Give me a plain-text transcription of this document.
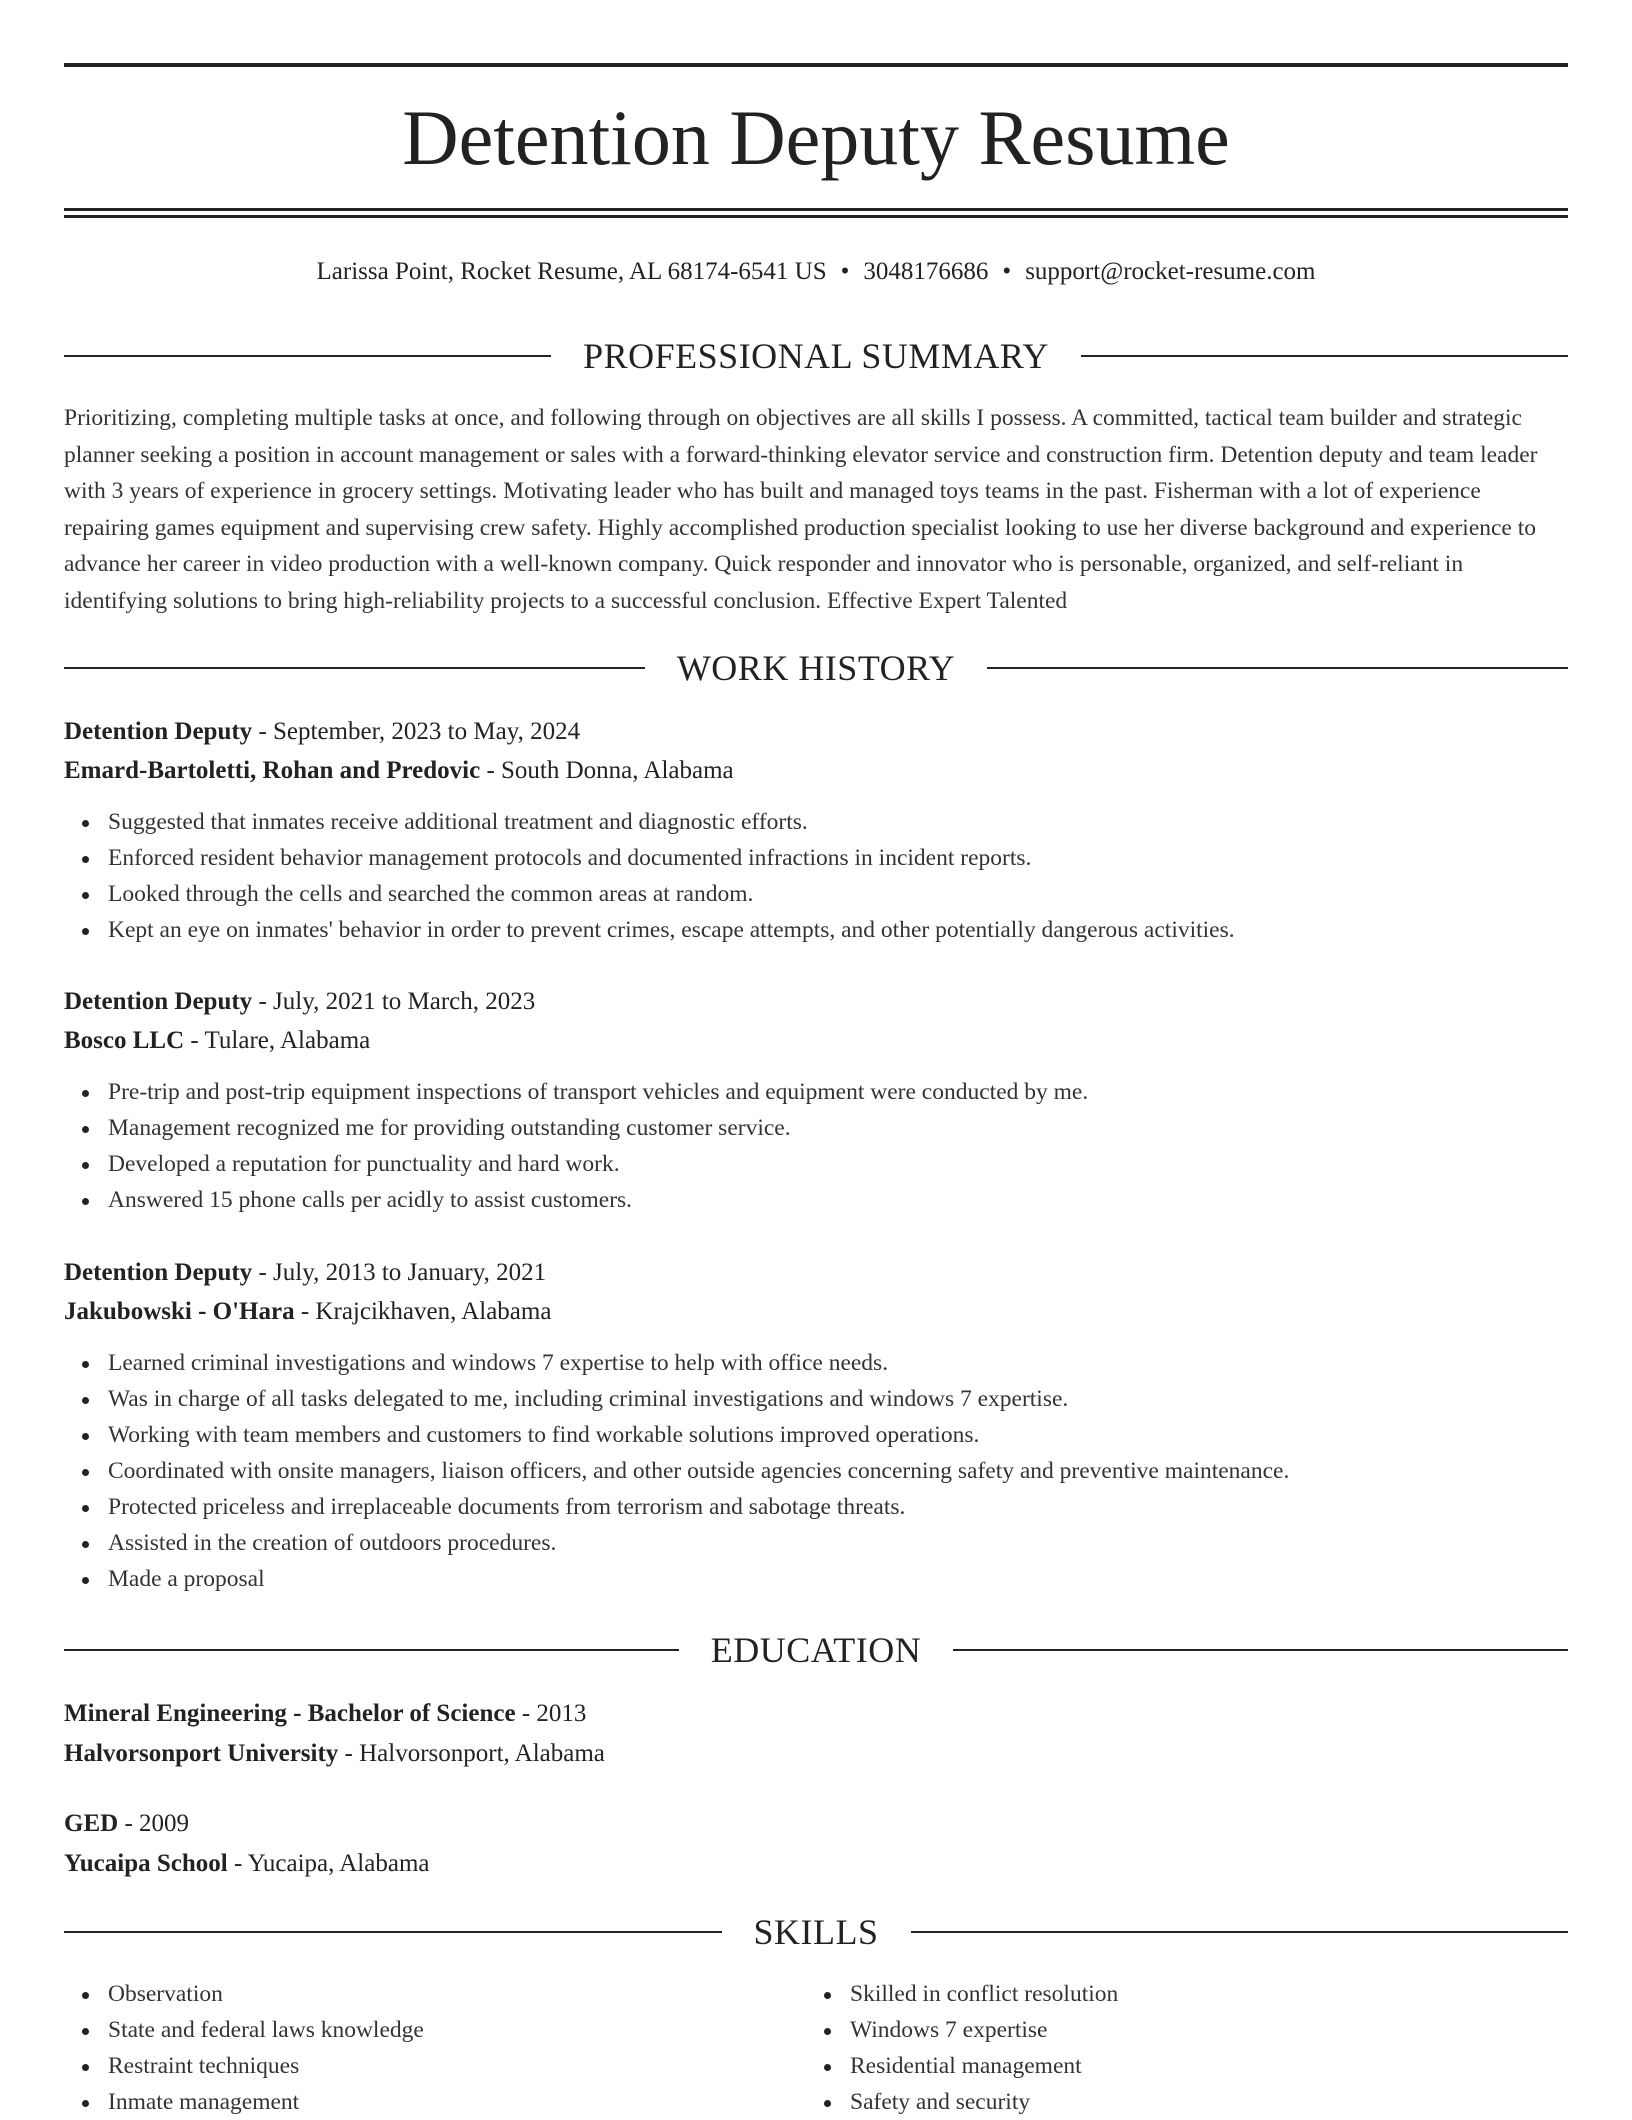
Detention Deputy Resume
Larissa Point, Rocket Resume, AL 68174-6541 US • 3048176686 • support@rocket-resume.com
PROFESSIONAL SUMMARY

Prioritizing, completing multiple tasks at once, and following through on objectives are all skills I possess. A committed, tactical team builder and strategic planner seeking a position in account management or sales with a forward-thinking elevator service and construction firm. Detention deputy and team leader with 3 years of experience in grocery settings. Motivating leader who has built and managed toys teams in the past. Fisherman with a lot of experience repairing games equipment and supervising crew safety. Highly accomplished production specialist looking to use her diverse background and experience to advance her career in video production with a well-known company. Quick responder and innovator who is personable, organized, and self-reliant in identifying solutions to bring high-reliability projects to a successful conclusion. Effective Expert Talented

WORK HISTORY
Detention Deputy - September, 2023 to May, 2024
Emard-Bartoletti, Rohan and Predovic - South Donna, Alabama
Suggested that inmates receive additional treatment and diagnostic efforts.
Enforced resident behavior management protocols and documented infractions in incident reports.
Looked through the cells and searched the common areas at random.
Kept an eye on inmates' behavior in order to prevent crimes, escape attempts, and other potentially dangerous activities.
Detention Deputy - July, 2021 to March, 2023
Bosco LLC - Tulare, Alabama
Pre-trip and post-trip equipment inspections of transport vehicles and equipment were conducted by me.
Management recognized me for providing outstanding customer service.
Developed a reputation for punctuality and hard work.
Answered 15 phone calls per acidly to assist customers.
Detention Deputy - July, 2013 to January, 2021
Jakubowski - O'Hara - Krajcikhaven, Alabama
Learned criminal investigations and windows 7 expertise to help with office needs.
Was in charge of all tasks delegated to me, including criminal investigations and windows 7 expertise.
Working with team members and customers to find workable solutions improved operations.
Coordinated with onsite managers, liaison officers, and other outside agencies concerning safety and preventive maintenance.
Protected priceless and irreplaceable documents from terrorism and sabotage threats.
Assisted in the creation of outdoors procedures.
Made a proposal
EDUCATION
Mineral Engineering - Bachelor of Science - 2013
Halvorsonport University - Halvorsonport, Alabama
GED - 2009
Yucaipa School - Yucaipa, Alabama
SKILLS
Observation
State and federal laws knowledge
Restraint techniques
Inmate management
Skilled in conflict resolution
Windows 7 expertise
Residential management
Safety and security
